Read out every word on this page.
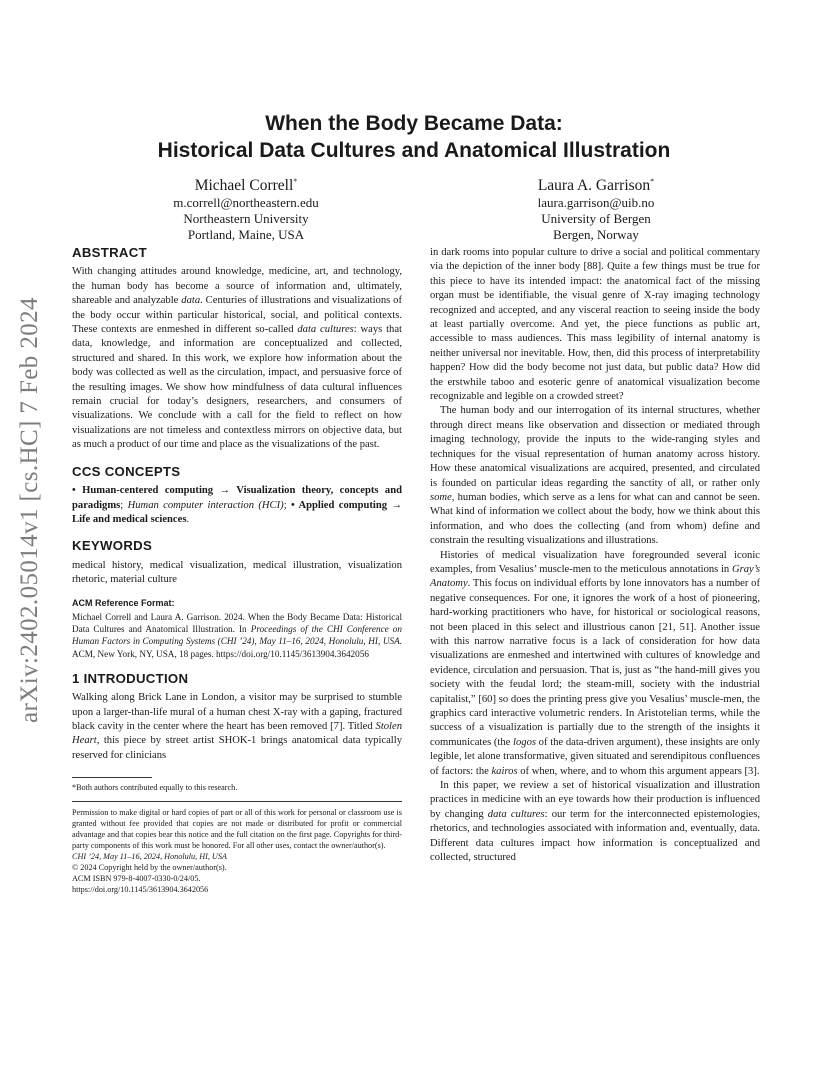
arXiv:2402.05014v1 [cs.HC] 7 Feb 2024
When the Body Became Data:
Historical Data Cultures and Anatomical Illustration
Michael Correll*
m.correll@northeastern.edu
Northeastern University
Portland, Maine, USA
Laura A. Garrison*
laura.garrison@uib.no
University of Bergen
Bergen, Norway
ABSTRACT

With changing attitudes around knowledge, medicine, art, and technology, the human body has become a source of information and, ultimately, shareable and analyzable data. Centuries of illustrations and visualizations of the body occur within particular historical, social, and political contexts. These contexts are enmeshed in different so-called data cultures: ways that data, knowledge, and information are conceptualized and collected, structured and shared. In this work, we explore how information about the body was collected as well as the circulation, impact, and persuasive force of the resulting images. We show how mindfulness of data cultural influences remain crucial for today’s designers, researchers, and consumers of visualizations. We conclude with a call for the field to reflect on how visualizations are not timeless and contextless mirrors on objective data, but as much a product of our time and place as the visualizations of the past.

CCS CONCEPTS

• Human-centered computing → Visualization theory, concepts and paradigms; Human computer interaction (HCI); • Applied computing → Life and medical sciences.

KEYWORDS

medical history, medical visualization, medical illustration, visualization rhetoric, material culture

ACM Reference Format:

Michael Correll and Laura A. Garrison. 2024. When the Body Became Data: Historical Data Cultures and Anatomical Illustration. In Proceedings of the CHI Conference on Human Factors in Computing Systems (CHI ’24), May 11–16, 2024, Honolulu, HI, USA. ACM, New York, NY, USA, 18 pages. https://doi.org/10.1145/3613904.3642056

1 INTRODUCTION

Walking along Brick Lane in London, a visitor may be surprised to stumble upon a larger-than-life mural of a human chest X-ray with a gaping, fractured black cavity in the center where the heart has been removed [7]. Titled Stolen Heart, this piece by street artist SHOK-1 brings anatomical data typically reserved for clinicians

*Both authors contributed equally to this research.

Permission to make digital or hard copies of part or all of this work for personal or classroom use is granted without fee provided that copies are not made or distributed for profit or commercial advantage and that copies bear this notice and the full citation on the first page. Copyrights for third-party components of this work must be honored. For all other uses, contact the owner/author(s).
CHI ’24, May 11–16, 2024, Honolulu, HI, USA
© 2024 Copyright held by the owner/author(s).
ACM ISBN 979-8-4007-0330-0/24/05.
https://doi.org/10.1145/3613904.3642056

in dark rooms into popular culture to drive a social and political commentary via the depiction of the inner body [88]. Quite a few things must be true for this piece to have its intended impact: the anatomical fact of the missing organ must be identifiable, the visual genre of X-ray imaging technology recognized and accepted, and any visceral reaction to seeing inside the body at least partially overcome. And yet, the piece functions as public art, accessible to mass audiences. This mass legibility of internal anatomy is neither universal nor inevitable. How, then, did this process of interpretability happen? How did the body become not just data, but public data? How did the erstwhile taboo and esoteric genre of anatomical visualization become recognizable and legible on a crowded street?

The human body and our interrogation of its internal structures, whether through direct means like observation and dissection or mediated through imaging technology, provide the inputs to the wide-ranging styles and techniques for the visual representation of human anatomy across history. How these anatomical visualizations are acquired, presented, and circulated is founded on particular ideas regarding the sanctity of all, or rather only some, human bodies, which serve as a lens for what can and cannot be seen. What kind of information we collect about the body, how we think about this information, and who does the collecting (and from whom) define and constrain the resulting visualizations and illustrations.

Histories of medical visualization have foregrounded several iconic examples, from Vesalius’ muscle-men to the meticulous annotations in Gray’s Anatomy. This focus on individual efforts by lone innovators has a number of negative consequences. For one, it ignores the work of a host of pioneering, hard-working practitioners who have, for historical or sociological reasons, not been placed in this select and illustrious canon [21, 51]. Another issue with this narrow narrative focus is a lack of consideration for how data visualizations are enmeshed and intertwined with cultures of knowledge and evidence, circulation and persuasion. That is, just as “the hand-mill gives you society with the feudal lord; the steam-mill, society with the industrial capitalist,” [60] so does the printing press give you Vesalius’ muscle-men, the graphics card interactive volumetric renders. In Aristotelian terms, while the success of a visualization is partially due to the strength of the insights it communicates (the logos of the data-driven argument), these insights are only legible, let alone transformative, given situated and serendipitous confluences of factors: the kairos of when, where, and to whom this argument appears [3].

In this paper, we review a set of historical visualization and illustration practices in medicine with an eye towards how their production is influenced by changing data cultures: our term for the interconnected epistemologies, rhetorics, and technologies associated with information and, eventually, data. Different data cultures impact how information is conceptualized and collected, structured
